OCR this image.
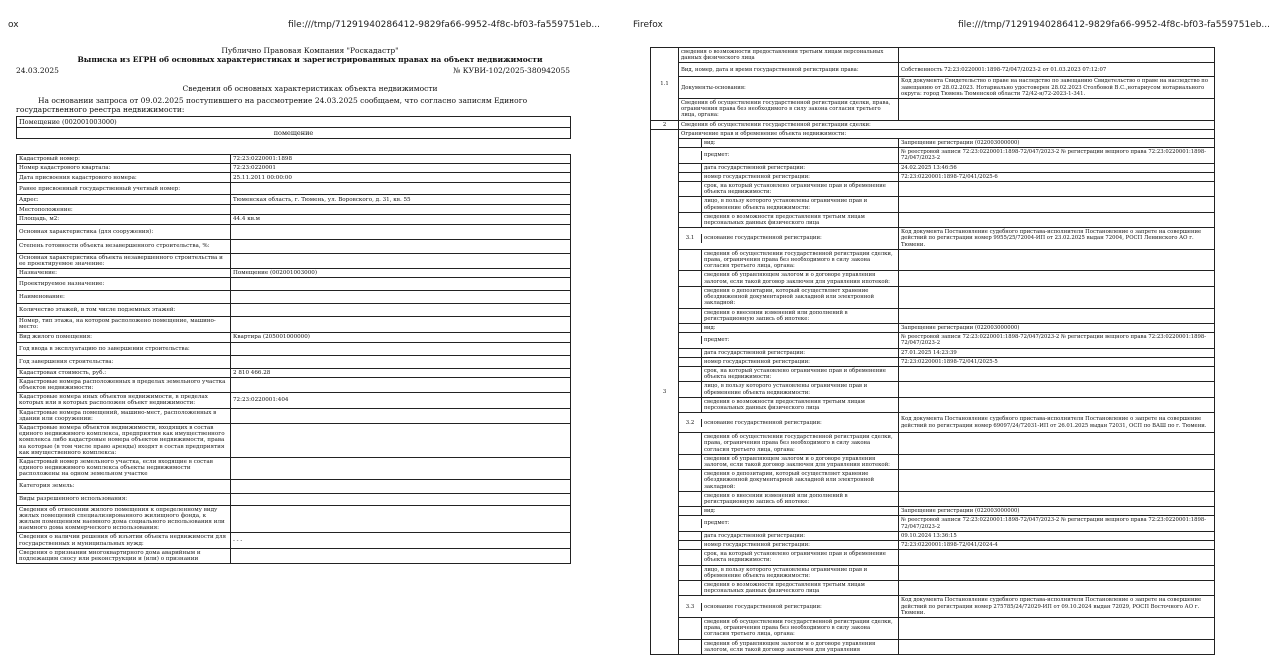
ox	file:///tmp/71291940286412-9829fa66-9952-4f8c-bf03-fa559751eb...
Публично Правовая Компания "Роскадастр"
Выписка из ЕГРН об основных характеристиках и зарегистрированных правах на объект недвижимости
24.03.2025	№ КУВИ-102/2025-380942055
Сведения об основных характеристиках объекта недвижимости
На основании запроса от 09.02.2025 поступившего на рассмотрение 24.03.2025 сообщаем, что согласно записям Единого государственного реестра недвижимости:
Помещение (002001003000)
помещение
Кадастровый номер:	72:23:0220001:1898
Номер кадастрового квартала:	72:23:0220001
Дата присвоения кадастрового номера:	25.11.2011 00:00:00
Ранее присвоенный государственный учетный номер:	
Адрес:	Тюменская область, г. Тюмень, ул. Воровского, д. 31, кв. 55
Местоположение:	
Площадь, м2:	44.4 кв.м
Основная характеристика (для сооружения):	
Степень готовности объекта незавершенного строительства, %:	
Основная характеристика объекта незавершенного строительства и ее проектируемое значение:	
Назначение:	Помещение (002001003000)
Проектируемое назначение:	
Наименование:	
Количество этажей, в том числе подземных этажей:	
Номер, тип этажа, на котором расположено помещение, машино-место:	
Вид жилого помещения:	Квартира (205001000000)
Год ввода в эксплуатацию по завершении строительства:	
Год завершения строительства:	
Кадастровая стоимость, руб.:	2 810 466.28
Кадастровые номера расположенных в пределах земельного участка объектов недвижимости:	
Кадастровые номера иных объектов недвижимости, в пределах которых или в которых расположен объект недвижимости:	72:23:0220001:404
Кадастровые номера помещений, машино-мест, расположенных в здании или сооружении:	
Кадастровые номера объектов недвижимости, входящих в состав единого недвижимого комплекса, предприятия как имущественного комплекса либо кадастровые номера объектов недвижимости, права на которые (в том числе право аренды) входят в состав предприятия как имущественного комплекса:	
Кадастровый номер земельного участка, если входящие в состав единого недвижимого комплекса объекты недвижимости расположены на одном земельном участке	
Категория земель:	
Виды разрешенного использования:	
Сведения об отнесении жилого помещения к определенному виду жилых помещений специализированного жилищного фонда, к жилым помещениям наемного дома социального использования или наемного дома коммерческого использования:	
Сведения о наличии решения об изъятии объекта недвижимости для государственных и муниципальных нужд:	- - -
Сведения о признании многоквартирного дома аварийным и подлежащим сносу или реконструкции и (или) о признании	
Firefox	file:///tmp/71291940286412-9829fa66-9952-4f8c-bf03-fa559751eb...
1.1	сведения о возможности предоставления третьим лицам персональных данных физического лица	
	Вид, номер, дата и время государственной регистрации права:	Собственность 72:23:0220001:1898-72/047/2023-2 от 01.03.2023 07:12:07
	Документы-основания:	Код документа Свидетельство о праве на наследство по завещанию Свидетельство о праве на наследство по завещанию от 28.02.2023. Нотариально удостоверен 28.02.2023 Столбовой В.С.,нотариусом нотариального округа: город Тюмень Тюменской области 72/42-н/72-2023-1-341.
	Сведения об осуществлении государственной регистрации сделки, права, ограничения права без необходимого в силу закона согласия третьего лица, органа:	
2	Сведения об осуществлении государственной регистрации сделки:	
3	Ограничение прав и обременение объекта недвижимости:	

	вид:	Запрещение регистрации (022003000000)

	предмет:	№ реестровой записи 72:23:0220001:1898-72/047/2023-2 № регистрации вещного права 72:23:0220001:1898-72/047/2023-2

	дата государственной регистрации:	24.02.2025 13:46:56

	номер государственной регистрации:	72:23:0220001:1898-72/041/2025-6

	срок, на который установлено ограничение прав и обременение объекта недвижимости:	

	лицо, в пользу которого установлены ограничение прав и обременение объекта недвижимости:	

	сведения о возможности предоставления третьим лицам персональных данных физического лица	

3.1 основание государственной регистрации:	Код документа Постановление судебного пристава-исполнителя Постановление о запрете на совершение действий по регистрации номер 9955/25/72004-ИП от 23.02.2025 выдан 72004, РОСП Ленинского АО г. Тюмени.

	сведения об осуществлении государственной регистрации сделки, права, ограничения права без необходимого в силу закона согласия третьего лица, органа:	

	сведения об управляющем залогом и о договоре управления залогом, если такой договор заключен для управления ипотекой:	

	сведения о депозитарии, который осуществляет хранение обездвиженной документарной закладной или электронной закладной:	

	сведения о внесении изменений или дополнений в регистрационную запись об ипотеке:	

	вид:	Запрещение регистрации (022003000000)

	предмет:	№ реестровой записи 72:23:0220001:1898-72/047/2023-2 № регистрации вещного права 72:23:0220001:1898-72/047/2023-2

	дата государственной регистрации:	27.01.2025 14:23:39

	номер государственной регистрации:	72:23:0220001:1898-72/041/2025-5

	срок, на который установлено ограничение прав и обременение объекта недвижимости:	

	лицо, в пользу которого установлены ограничение прав и обременение объекта недвижимости:	

	сведения о возможности предоставления третьим лицам персональных данных физического лица	

3.2 основание государственной регистрации:	Код документа Постановление судебного пристава-исполнителя Постановление о запрете на совершение действий по регистрации номер 69097/24/72031-ИП от 26.01.2025 выдан 72031, ОСП по ВАШ по г. Тюмени.

	сведения об осуществлении государственной регистрации сделки, права, ограничения права без необходимого в силу закона согласия третьего лица, органа:	

	сведения об управляющем залогом и о договоре управления залогом, если такой договор заключен для управления ипотекой:	

	сведения о депозитарии, который осуществляет хранение обездвиженной документарной закладной или электронной закладной:	

	сведения о внесении изменений или дополнений в регистрационную запись об ипотеке:	

	вид:	Запрещение регистрации (022003000000)

	предмет:	№ реестровой записи 72:23:0220001:1898-72/047/2023-2 № регистрации вещного права 72:23:0220001:1898-72/047/2023-2

	дата государственной регистрации:	09.10.2024 13:36:15

	номер государственной регистрации:	72:23:0220001:1898-72/041/2024-4

	срок, на который установлено ограничение прав и обременение объекта недвижимости:	

	лицо, в пользу которого установлены ограничение прав и обременение объекта недвижимости:	

	сведения о возможности предоставления третьим лицам персональных данных физического лица	

3.3 основание государственной регистрации:	Код документа Постановление судебного пристава-исполнителя Постановление о запрете на совершение действий по регистрации номер 275785/24/72029-ИП от 09.10.2024 выдан 72029, РОСП Восточного АО г. Тюмени.

	сведения об осуществлении государственной регистрации сделки, права, ограничения права без необходимого в силу закона согласия третьего лица, органа:	

	сведения об управляющем залогом и о договоре управления залогом, если такой договор заключен для управления	
